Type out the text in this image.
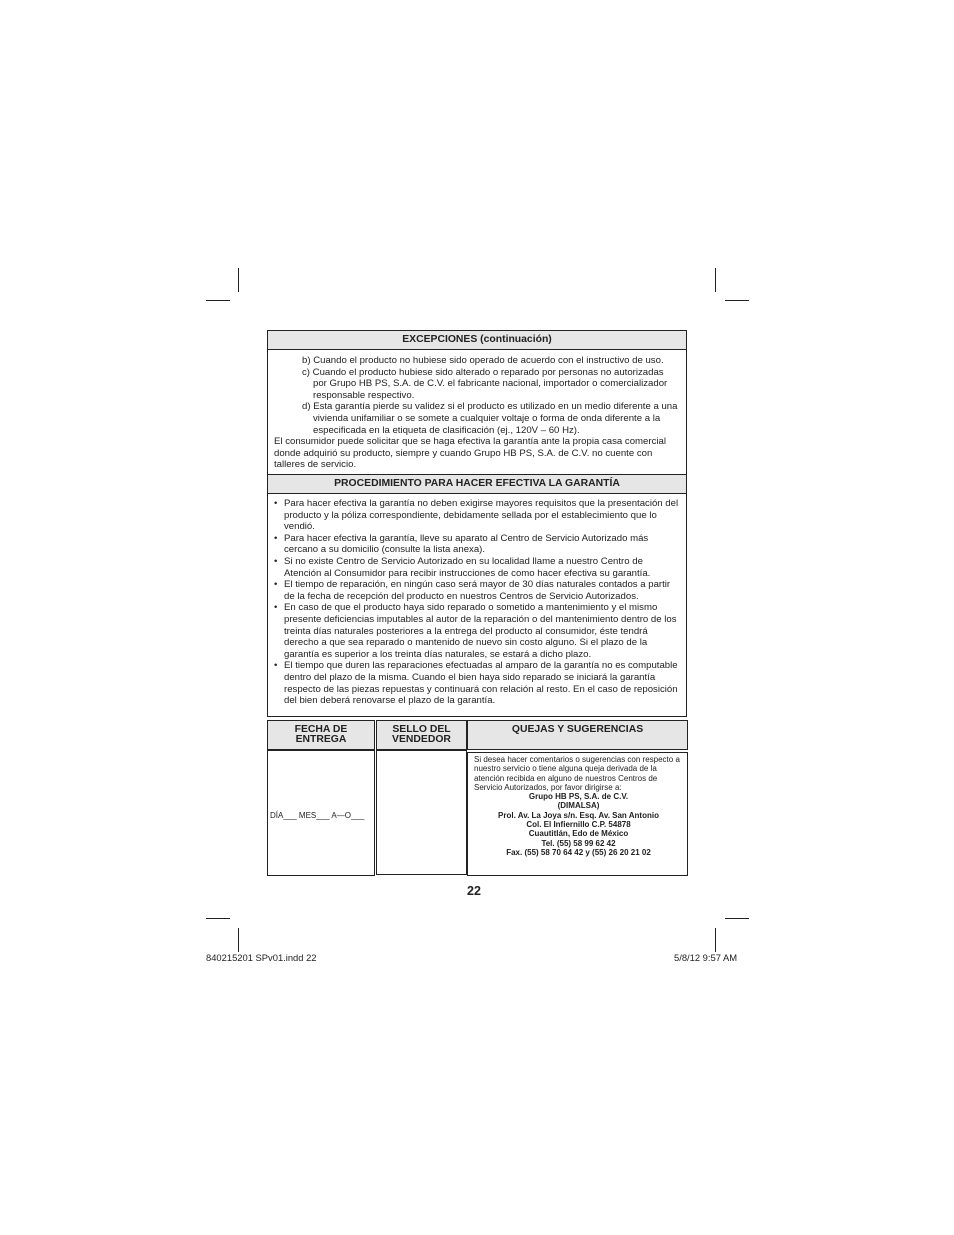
EXCEPCIONES (continuación)

b) Cuando el producto no hubiese sido operado de acuerdo con el instructivo de uso.

c) Cuando el producto hubiese sido alterado o reparado por personas no autorizadas por Grupo HB PS, S.A. de C.V. el fabricante nacional, importador o comercializador responsable respectivo.

d) Esta garantía pierde su validez si el producto es utilizado en un medio diferente a una vivienda unifamiliar o se somete a cualquier voltaje o forma de onda diferente a la especificada en la etiqueta de clasificación (ej., 120V – 60 Hz).

El consumidor puede solicitar que se haga efectiva la garantía ante la propia casa comercial donde adquirió su producto, siempre y cuando Grupo HB PS, S.A. de C.V. no cuente con talleres de servicio.

PROCEDIMIENTO PARA HACER EFECTIVA LA GARANTÍA

• Para hacer efectiva la garantía no deben exigirse mayores requisitos que la presentación del producto y la póliza correspondiente, debidamente sellada por el establecimiento que lo vendió.

• Para hacer efectiva la garantía, lleve su aparato al Centro de Servicio Autorizado más cercano a su domicilio (consulte la lista anexa).

• Si no existe Centro de Servicio Autorizado en su localidad llame a nuestro Centro de Atención al Consumidor para recibir instrucciones de como hacer efectiva su garantía.

• El tiempo de reparación, en ningún caso será mayor de 30 días naturales contados a partir de la fecha de recepción del producto en nuestros Centros de Servicio Autorizados.

• En caso de que el producto haya sido reparado o sometido a mantenimiento y el mismo presente deficiencias imputables al autor de la reparación o del mantenimiento dentro de los treinta días naturales posteriores a la entrega del producto al consumidor, éste tendrá derecho a que sea reparado o mantenido de nuevo sin costo alguno. Si el plazo de la garantía es superior a los treinta días naturales, se estará a dicho plazo.

• El tiempo que duren las reparaciones efectuadas al amparo de la garantía no es computable dentro del plazo de la misma. Cuando el bien haya sido reparado se iniciará la garantía respecto de las piezas repuestas y continuará con relación al resto. En el caso de reposición del bien deberá renovarse el plazo de la garantía.

FECHA DE ENTREGA
SELLO DEL VENDEDOR
QUEJAS Y SUGERENCIAS
DÍA___ MES___ A—O___
Si desea hacer comentarios o sugerencias con respecto a nuestro servicio o tiene alguna queja derivada de la atención recibida en alguno de nuestros Centros de Servicio Autorizados, por favor dirigirse a:
Grupo HB PS, S.A. de C.V.
(DIMALSA)
Prol. Av. La Joya s/n. Esq. Av. San Antonio
Col. El Infiernillo C.P. 54878
Cuautitlán, Edo de México
Tel. (55) 58 99 62 42
Fax. (55) 58 70 64 42 y (55) 26 20 21 02
22
840215201 SPv01.indd 22	5/8/12 9:57 AM
